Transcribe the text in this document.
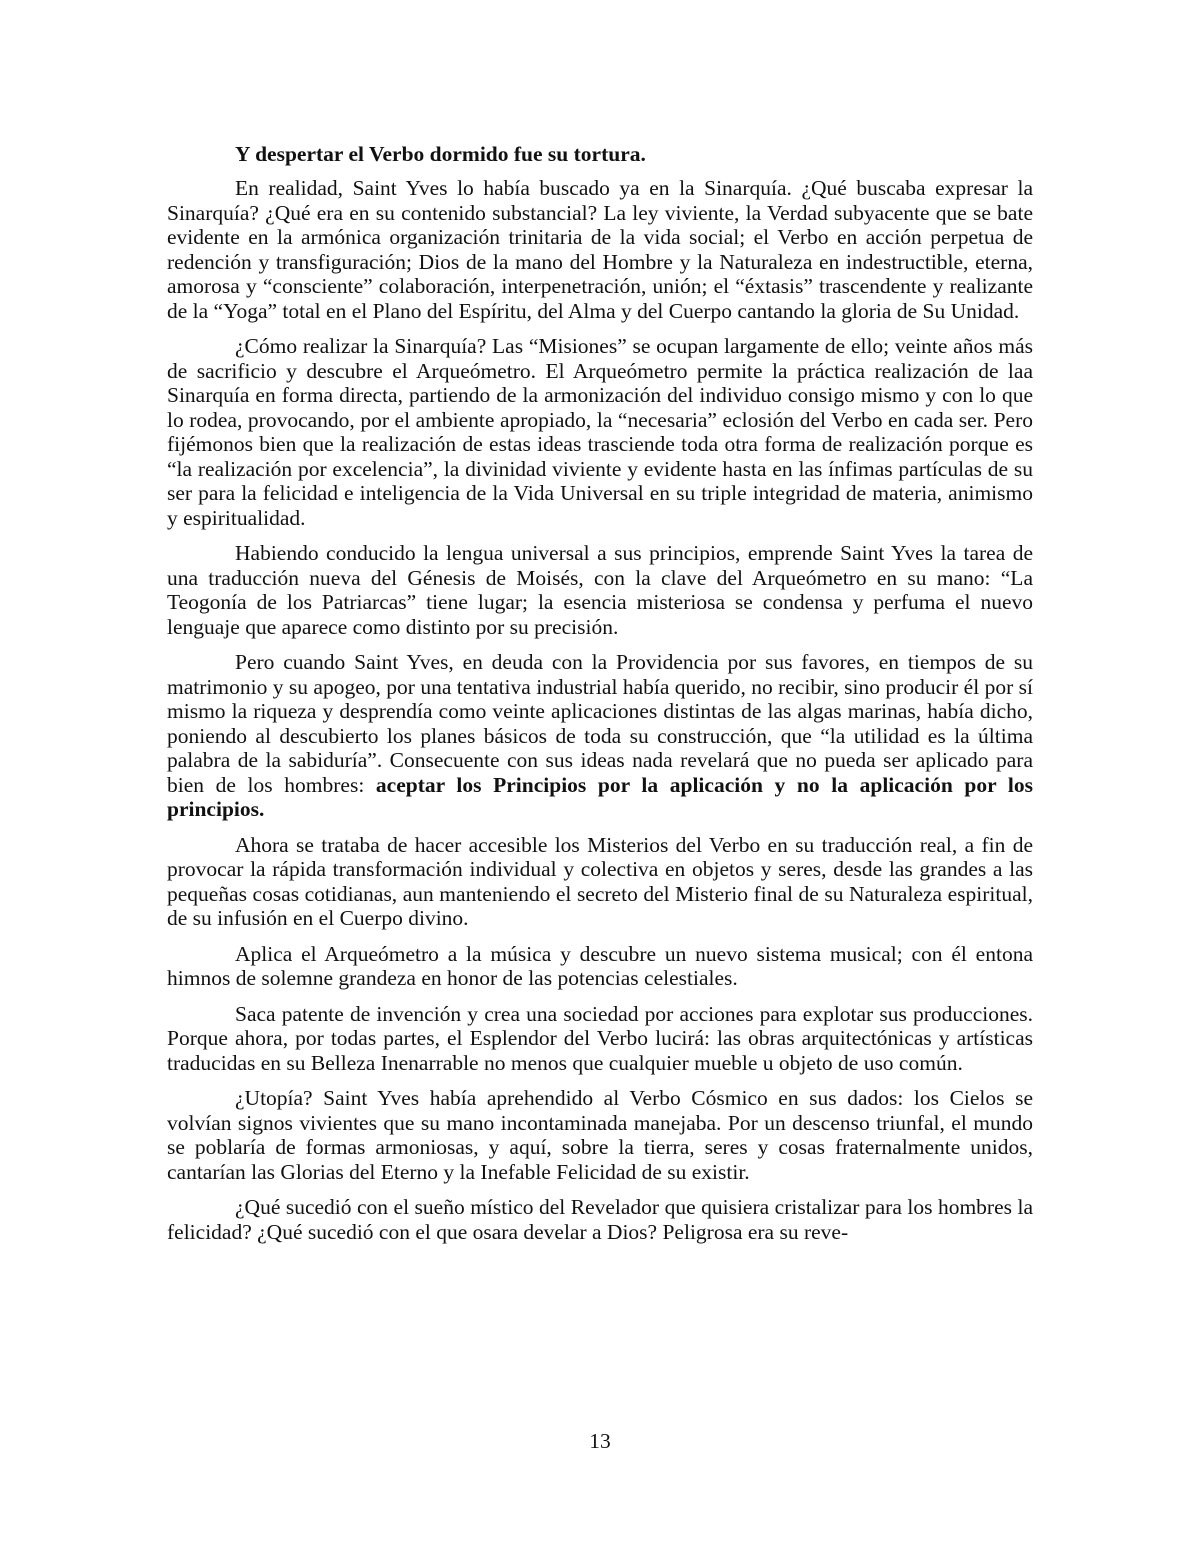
Y despertar el Verbo dormido fue su tortura.

En realidad, Saint Yves lo había buscado ya en la Sinarquía. ¿Qué buscaba expresar la Sinarquía? ¿Qué era en su contenido substancial? La ley viviente, la Verdad subyacente que se bate evidente en la armónica organización trinitaria de la vida social; el Verbo en acción perpetua de redención y transfiguración; Dios de la mano del Hombre y la Naturaleza en indestructible, eterna, amorosa y “consciente” colaboración, interpenetración, unión; el “éxtasis” trascendente y realizante de la “Yoga” total en el Plano del Espíritu, del Alma y del Cuerpo cantando la gloria de Su Unidad.

¿Cómo realizar la Sinarquía? Las “Misiones” se ocupan largamente de ello; veinte años más de sacrificio y descubre el Arqueómetro. El Arqueómetro permite la práctica realización de laa Sinarquía en forma directa, partiendo de la armonización del individuo consigo mismo y con lo que lo rodea, provocando, por el ambiente apropiado, la “necesaria” eclosión del Verbo en cada ser. Pero fijémonos bien que la realización de estas ideas trasciende toda otra forma de realización porque es “la realización por excelencia”, la divinidad viviente y evidente hasta en las ínfimas partículas de su ser para la felicidad e inteligencia de la Vida Universal en su triple integridad de materia, animismo y espiritualidad.

Habiendo conducido la lengua universal a sus principios, emprende Saint Yves la tarea de una traducción nueva del Génesis de Moisés, con la clave del Arqueómetro en su mano: “La Teogonía de los Patriarcas” tiene lugar; la esencia misteriosa se condensa y perfuma el nuevo lenguaje que aparece como distinto por su precisión.

Pero cuando Saint Yves, en deuda con la Providencia por sus favores, en tiempos de su matrimonio y su apogeo, por una tentativa industrial había querido, no recibir, sino producir él por sí mismo la riqueza y desprendía como veinte aplicaciones distintas de las algas marinas, había dicho, poniendo al descubierto los planes básicos de toda su construcción, que “la utilidad es la última palabra de la sabiduría”. Consecuente con sus ideas nada revelará que no pueda ser aplicado para bien de los hombres: aceptar los Principios por la aplicación y no la aplicación por los principios.

Ahora se trataba de hacer accesible los Misterios del Verbo en su traducción real, a fin de provocar la rápida transformación individual y colectiva en objetos y seres, desde las grandes a las pequeñas cosas cotidianas, aun manteniendo el secreto del Misterio final de su Naturaleza espiritual, de su infusión en el Cuerpo divino.

Aplica el Arqueómetro a la música y descubre un nuevo sistema musical; con él entona himnos de solemne grandeza en honor de las potencias celestiales.

Saca patente de invención y crea una sociedad por acciones para explotar sus producciones. Porque ahora, por todas partes, el Esplendor del Verbo lucirá: las obras arquitectónicas y artísticas traducidas en su Belleza Inenarrable no menos que cualquier mueble u objeto de uso común.

¿Utopía? Saint Yves había aprehendido al Verbo Cósmico en sus dados: los Cielos se volvían signos vivientes que su mano incontaminada manejaba. Por un descenso triunfal, el mundo se poblaría de formas armoniosas, y aquí, sobre la tierra, seres y cosas fraternalmente unidos, cantarían las Glorias del Eterno y la Inefable Felicidad de su existir.

¿Qué sucedió con el sueño místico del Revelador que quisiera cristalizar para los hombres la felicidad? ¿Qué sucedió con el que osara develar a Dios? Peligrosa era su reve-

13
